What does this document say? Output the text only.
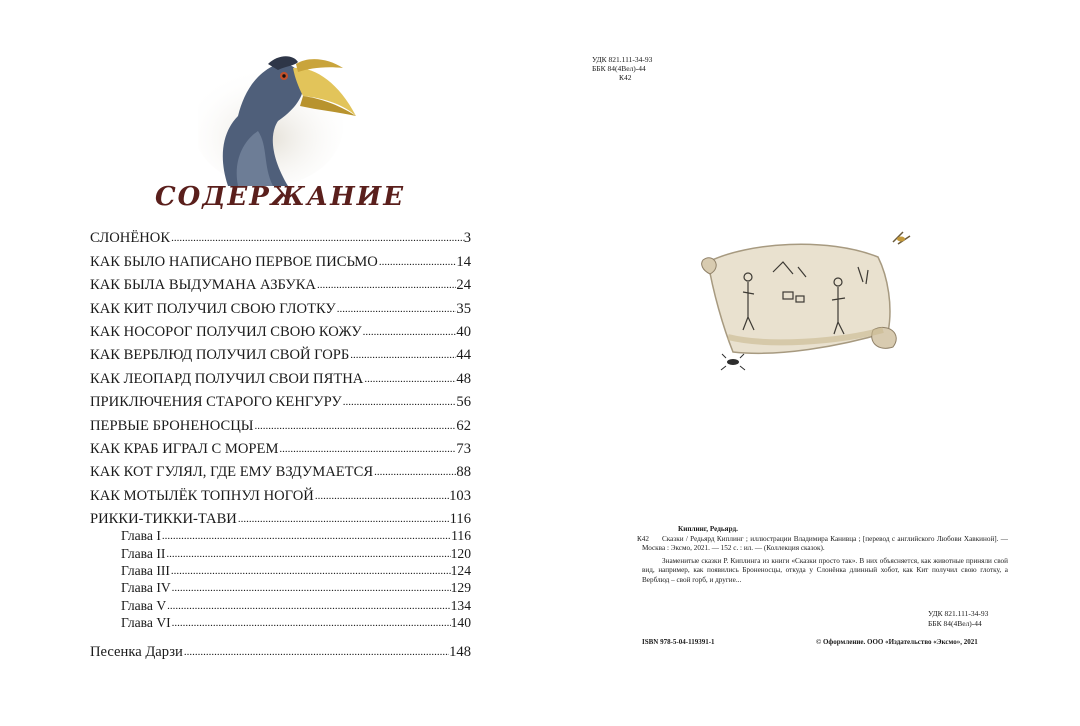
СОДЕРЖАНИЕ
СЛОНЁНОК .....	3
КАК БЫЛО НАПИСАНО ПЕРВОЕ ПИСЬМО .....	14
КАК БЫЛА ВЫДУМАНА АЗБУКА .....	24
КАК КИТ ПОЛУЧИЛ СВОЮ ГЛОТКУ .....	35
КАК НОСОРОГ ПОЛУЧИЛ СВОЮ КОЖУ .....	40
КАК ВЕРБЛЮД ПОЛУЧИЛ СВОЙ ГОРБ .....	44
КАК ЛЕОПАРД ПОЛУЧИЛ СВОИ ПЯТНА .....	48
ПРИКЛЮЧЕНИЯ СТАРОГО КЕНГУРУ .....	56
ПЕРВЫЕ БРОНЕНОСЦЫ .....	62
КАК КРАБ ИГРАЛ С МОРЕМ .....	73
КАК КОТ ГУЛЯЛ, ГДЕ ЕМУ ВЗДУМАЕТСЯ .....	88
КАК МОТЫЛЁК ТОПНУЛ НОГОЙ .....	103
РИККИ-ТИККИ-ТАВИ .....	116
Глава I .....	116
Глава II .....	120
Глава III .....	124
Глава IV .....	129
Глава V .....	134
Глава VI .....	140
Песенка Дарзи .....	148
УДК 821.111-34-93
ББК 84(4Вел)-44
К42
К42
Киплинг, Редьярд.

Сказки / Редьярд Киплинг ; иллюстрации Владимира Канивца ; [перевод с английского Любови Хавкиной]. — Москва : Эксмо, 2021. — 152 с. : ил. — (Коллекция сказок).

Знаменитые сказки Р. Киплинга из книги «Сказки просто так». В них объясняется, как животные приняли свой вид, например, как появились Броненосцы, откуда у Слонёнка длинный хобот, как Кит получил свою глотку, а Верблюд – свой горб, и другие...

УДК 821.111-34-93
ББК 84(4Вел)-44
ISBN 978-5-04-119391-1	© Оформление. ООО «Издательство «Эксмо», 2021
